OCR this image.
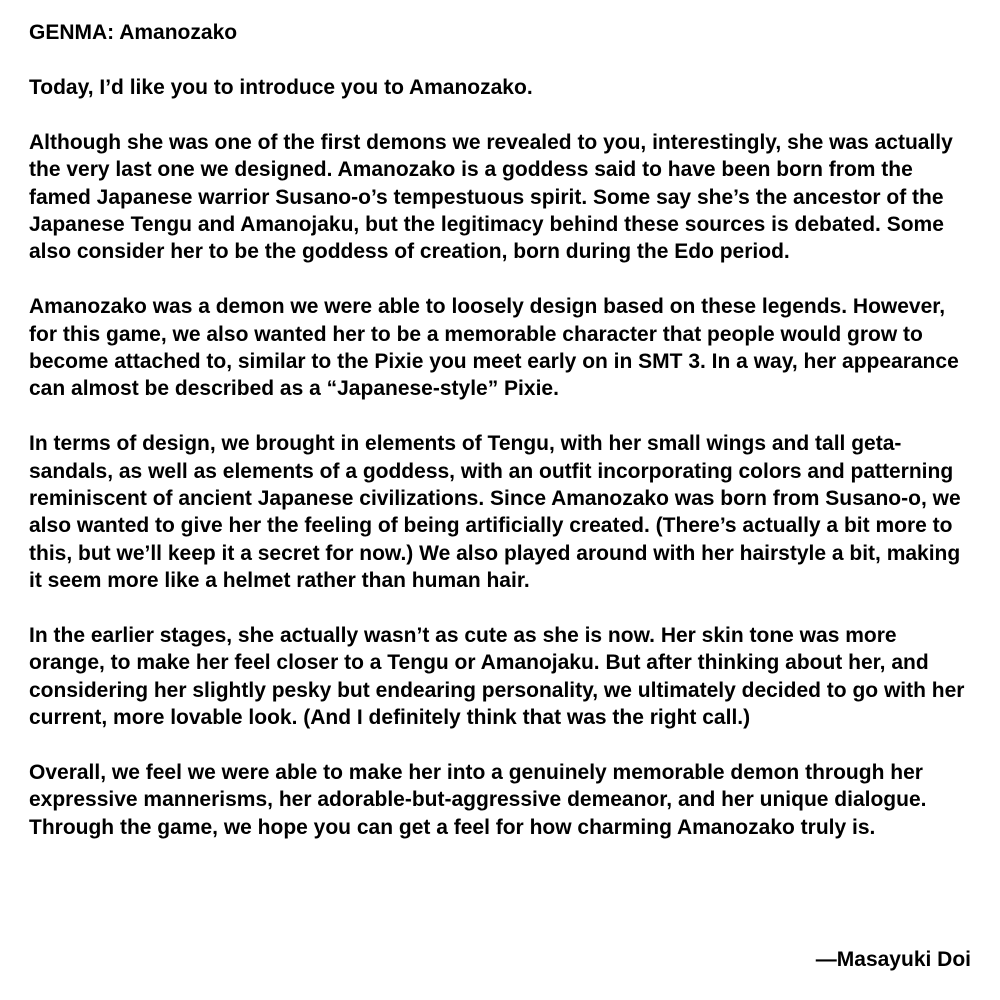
GENMA: Amanozako

Today, I’d like you to introduce you to Amanozako.

Although she was one of the first demons we revealed to you, interestingly, she was actually the very last one we designed. Amanozako is a goddess said to have been born from the famed Japanese warrior Susano-o’s tempestuous spirit. Some say she’s the ancestor of the Japanese Tengu and Amanojaku, but the legitimacy behind these sources is debated. Some also consider her to be the goddess of creation, born during the Edo period.

Amanozako was a demon we were able to loosely design based on these legends. However, for this game, we also wanted her to be a memorable character that people would grow to become attached to, similar to the Pixie you meet early on in SMT 3. In a way, her appearance can almost be described as a “Japanese-style” Pixie.

In terms of design, we brought in elements of Tengu, with her small wings and tall geta-sandals, as well as elements of a goddess, with an outfit incorporating colors and patterning reminiscent of ancient Japanese civilizations. Since Amanozako was born from Susano-o, we also wanted to give her the feeling of being artificially created. (There’s actually a bit more to this, but we’ll keep it a secret for now.) We also played around with her hairstyle a bit, making it seem more like a helmet rather than human hair.

In the earlier stages, she actually wasn’t as cute as she is now. Her skin tone was more orange, to make her feel closer to a Tengu or Amanojaku. But after thinking about her, and considering her slightly pesky but endearing personality, we ultimately decided to go with her current, more lovable look. (And I definitely think that was the right call.)

Overall, we feel we were able to make her into a genuinely memorable demon through her expressive mannerisms, her adorable-but-aggressive demeanor, and her unique dialogue. Through the game, we hope you can get a feel for how charming Amanozako truly is.

—Masayuki Doi
